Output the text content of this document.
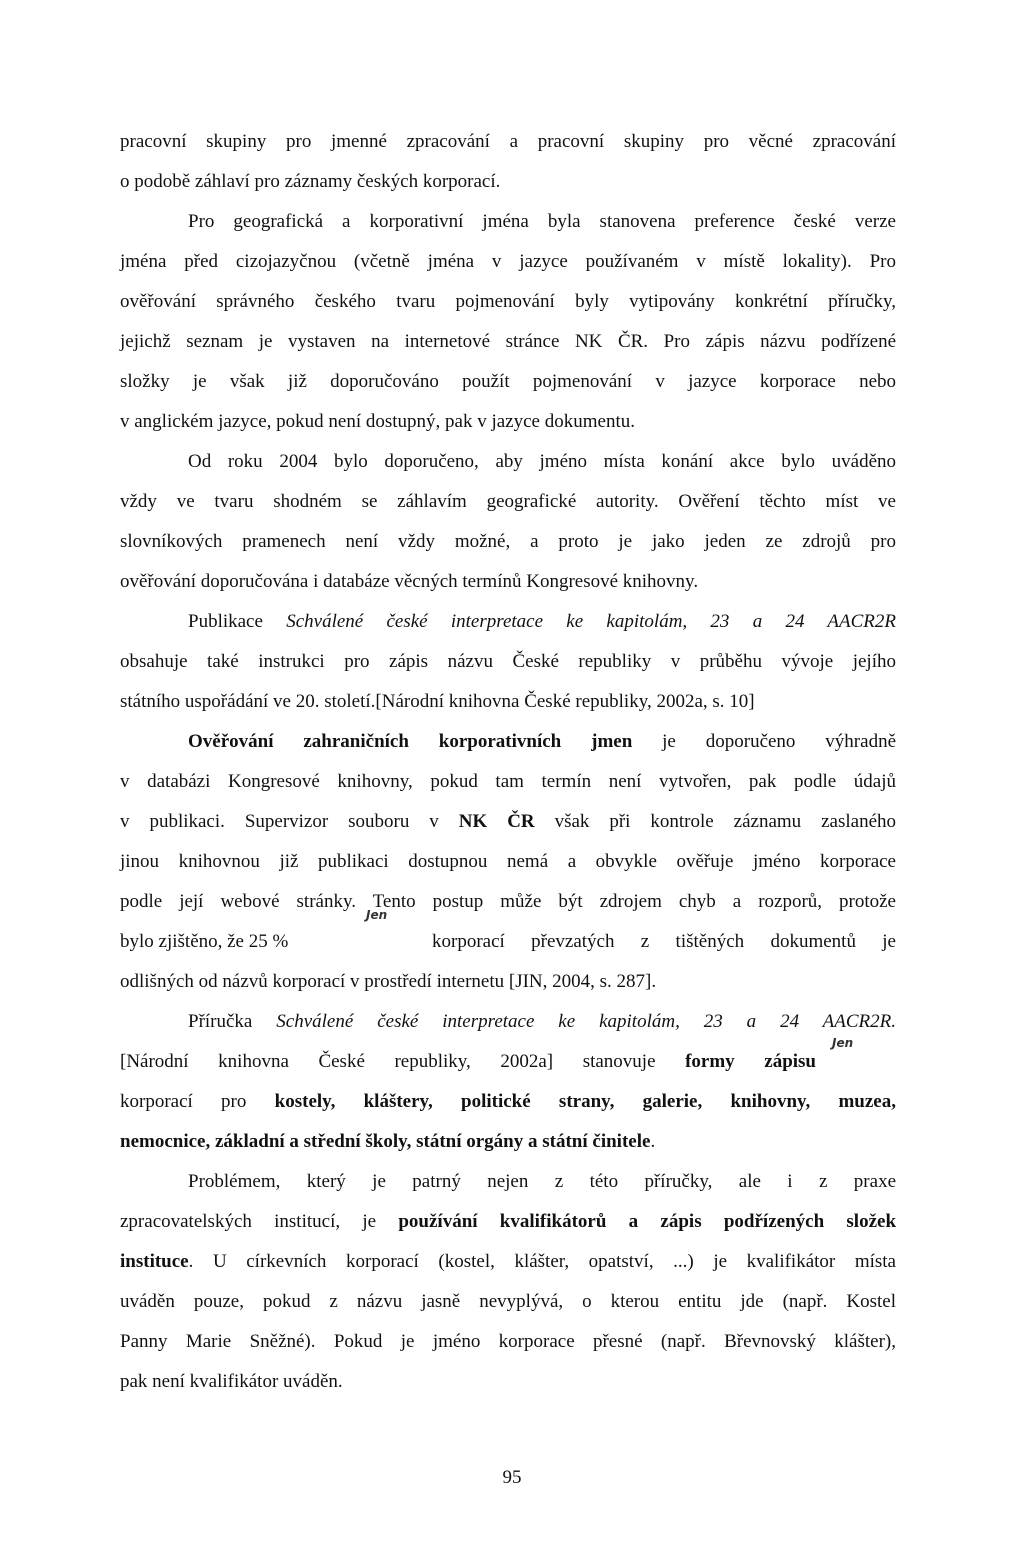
pracovní skupiny pro jmenné zpracování a pracovní skupiny pro věcné zpracování
o podobě záhlaví pro záznamy českých korporací.
Pro geografická a korporativní jména byla stanovena preference české verze
jména před cizojazyčnou (včetně jména v jazyce používaném v místě lokality). Pro
ověřování správného českého tvaru pojmenování byly vytipovány konkrétní příručky,
jejichž seznam je vystaven na internetové stránce NK ČR. Pro zápis názvu podřízené
složky je však již doporučováno použít pojmenování v jazyce korporace nebo
v anglickém jazyce, pokud není dostupný, pak v jazyce dokumentu.
Od roku 2004 bylo doporučeno, aby jméno místa konání akce bylo uváděno
vždy ve tvaru shodném se záhlavím geografické autority. Ověření těchto míst ve
slovníkových pramenech není vždy možné, a proto je jako jeden ze zdrojů pro
ověřování doporučována i databáze věcných termínů Kongresové knihovny.
Publikace Schválené české interpretace ke kapitolám, 23 a 24 AACR2R
obsahuje také instrukci pro zápis názvu České republiky v průběhu vývoje jejího
státního uspořádání ve 20. století.[Národní knihovna České republiky, 2002a, s. 10]
Ověřování zahraničních korporativních jmen je doporučeno výhradně
v databázi Kongresové knihovny, pokud tam termín není vytvořen, pak podle údajů
v publikaci. Supervizor souboru v NK ČR však při kontrole záznamu zaslaného
jinou knihovnou již publikaci dostupnou nemá a obvykle ověřuje jméno korporace
podle její webové stránky. Tento postup může být zdrojem chyb a rozporů, protože
Jen
bylo zjištěno, že 25 %	korporací převzatých z tištěných dokumentů je
odlišných od názvů korporací v prostředí internetu [JIN, 2004, s. 287].
Příručka Schválené české interpretace ke kapitolám, 23 a 24 AACR2R.
Jen
[Národní knihovna České republiky, 2002a] stanovuje formy zápisu
korporací pro kostely, kláštery, politické strany, galerie, knihovny, muzea,
nemocnice, základní a střední školy, státní orgány a státní činitele.
Problémem, který je patrný nejen z této příručky, ale i z praxe
zpracovatelských institucí, je používání kvalifikátorů a zápis podřízených složek
instituce. U církevních korporací (kostel, klášter, opatství, ...) je kvalifikátor místa
uváděn pouze, pokud z názvu jasně nevyplývá, o kterou entitu jde (např. Kostel
Panny Marie Sněžné). Pokud je jméno korporace přesné (např. Břevnovský klášter),
pak není kvalifikátor uváděn.
95
